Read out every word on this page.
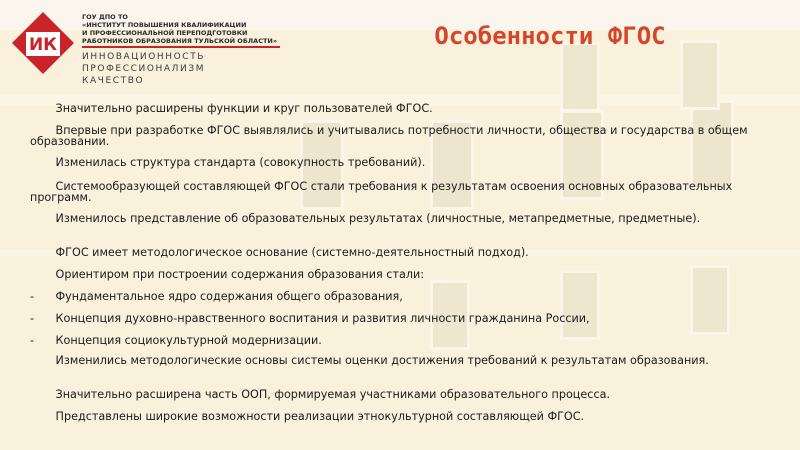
ИК
ГОУ ДПО ТО
«ИНСТИТУТ ПОВЫШЕНИЯ КВАЛИФИКАЦИИ
И ПРОФЕССИОНАЛЬНОЙ ПЕРЕПОДГОТОВКИ
РАБОТНИКОВ ОБРАЗОВАНИЯ ТУЛЬСКОЙ ОБЛАСТИ»
ИННОВАЦИОННОСТЬ
ПРОФЕССИОНАЛИЗМ
КАЧЕСТВО
Особенности ФГОС
Значительно расширены функции и круг пользователей ФГОС.
Впервые при разработке ФГОС выявлялись и учитывались потребности личности, общества и государства в общем образовании.
Изменилась структура стандарта (совокупность требований).
Системообразующей составляющей ФГОС стали требования к результатам освоения основных образовательных программ.
Изменилось представление об образовательных результатах (личностные, метапредметные, предметные).
ФГОС имеет методологическое основание (системно-деятельностный подход).
Ориентиром при построении содержания образования стали:
- Фундаментальное ядро содержания общего образования,
- Концепция духовно-нравственного воспитания и развития личности гражданина России,
- Концепция социокультурной модернизации.
Изменились методологические основы системы оценки достижения требований к результатам образования.
Значительно расширена часть ООП, формируемая участниками образовательного процесса.
Представлены широкие возможности реализации этнокультурной составляющей ФГОС.
